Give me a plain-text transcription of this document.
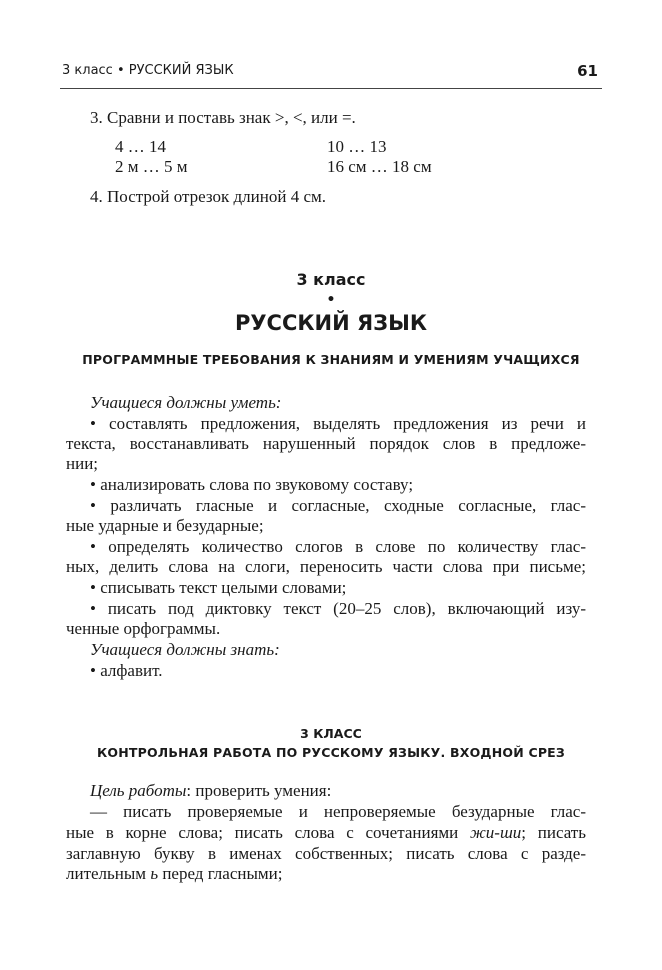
3 класс • РУССКИЙ ЯЗЫК	61
3. Сравни и поставь знак >, <, или =.
4 … 14	10 … 13
2 м … 5 м	16 см … 18 см
4. Построй отрезок длиной 4 см.
3 класс
•
РУССКИЙ ЯЗЫК
ПРОГРАММНЫЕ ТРЕБОВАНИЯ К ЗНАНИЯМ И УМЕНИЯМ УЧАЩИХСЯ
Учащиеся должны уметь:
• составлять предложения, выделять предложения из речи и
текста, восстанавливать нарушенный порядок слов в предложе-
нии;
• анализировать слова по звуковому составу;
• различать гласные и согласные, сходные согласные, глас-
ные ударные и безударные;
• определять количество слогов в слове по количеству глас-
ных, делить слова на слоги, переносить части слова при письме;
• списывать текст целыми словами;
• писать под диктовку текст (20–25 слов), включающий изу-
ченные орфограммы.
Учащиеся должны знать:
• алфавит.
3 КЛАСС
КОНТРОЛЬНАЯ РАБОТА ПО РУССКОМУ ЯЗЫКУ. ВХОДНОЙ СРЕЗ
Цель работы: проверить умения:
— писать проверяемые и непроверяемые безударные глас-
ные в корне слова; писать слова с сочетаниями жи-ши; писать
заглавную букву в именах собственных; писать слова с разде-
лительным ь перед гласными;
